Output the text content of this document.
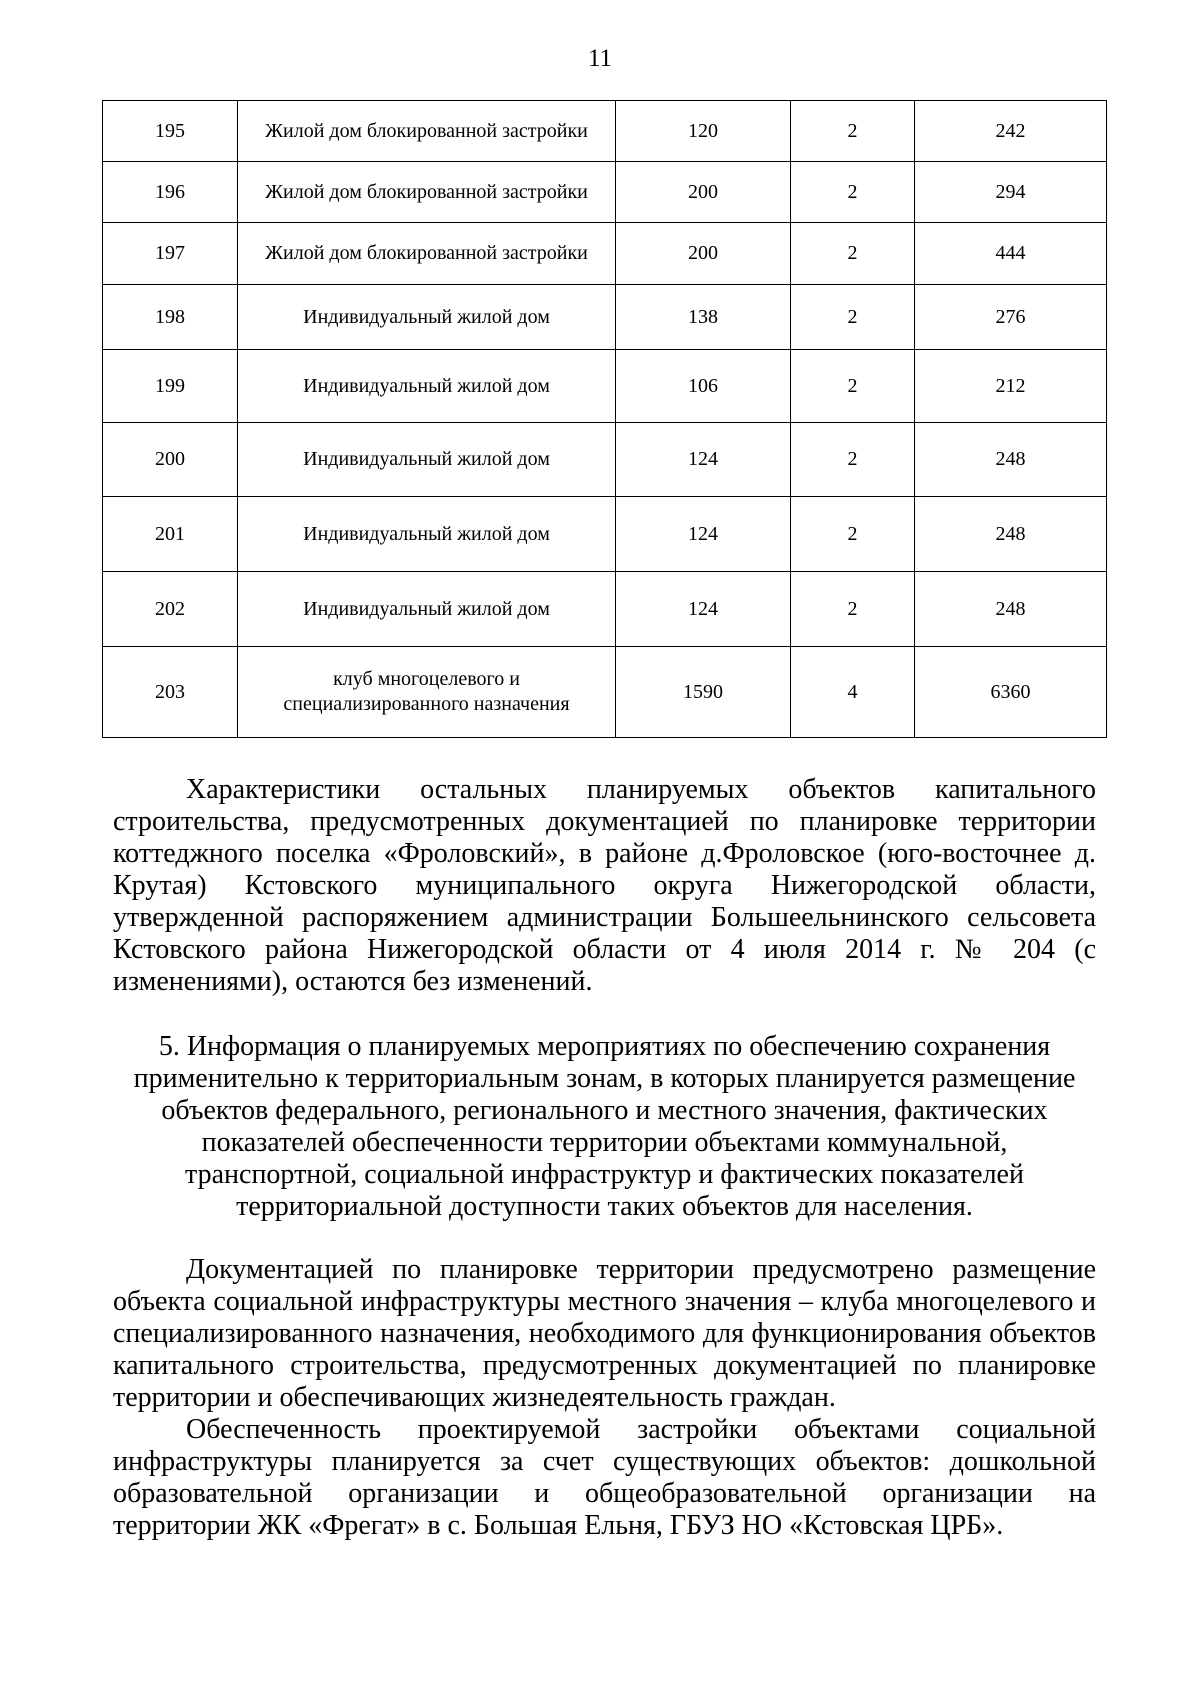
11
195	Жилой дом блокированной застройки	120	2	242
196	Жилой дом блокированной застройки	200	2	294
197	Жилой дом блокированной застройки	200	2	444
198	Индивидуальный жилой дом	138	2	276
199	Индивидуальный жилой дом	106	2	212
200	Индивидуальный жилой дом	124	2	248
201	Индивидуальный жилой дом	124	2	248
202	Индивидуальный жилой дом	124	2	248
203	клуб многоцелевого и специализированного назначения	1590	4	6360

Характеристики остальных планируемых объектов капитального строительства, предусмотренных документацией по планировке территории коттеджного поселка «Фроловский», в районе д.Фроловское (юго-восточнее д. Крутая) Кстовского муниципального округа Нижегородской области, утвержденной распоряжением администрации Большеельнинского сельсовета Кстовского района Нижегородской области от 4 июля 2014 г. № 204 (с изменениями), остаются без изменений.

5. Информация о планируемых мероприятиях по обеспечению сохранения применительно к территориальным зонам, в которых планируется размещение объектов федерального, регионального и местного значения, фактических показателей обеспеченности территории объектами коммунальной, транспортной, социальной инфраструктур и фактических показателей территориальной доступности таких объектов для населения.

Документацией по планировке территории предусмотрено размещение объекта социальной инфраструктуры местного значения – клуба многоцелевого и специализированного назначения, необходимого для функционирования объектов капитального строительства, предусмотренных документацией по планировке территории и обеспечивающих жизнедеятельность граждан.

Обеспеченность проектируемой застройки объектами социальной инфраструктуры планируется за счет существующих объектов: дошкольной образовательной организации и общеобразовательной организации на территории ЖК «Фрегат» в с. Большая Ельня, ГБУЗ НО «Кстовская ЦРБ».
